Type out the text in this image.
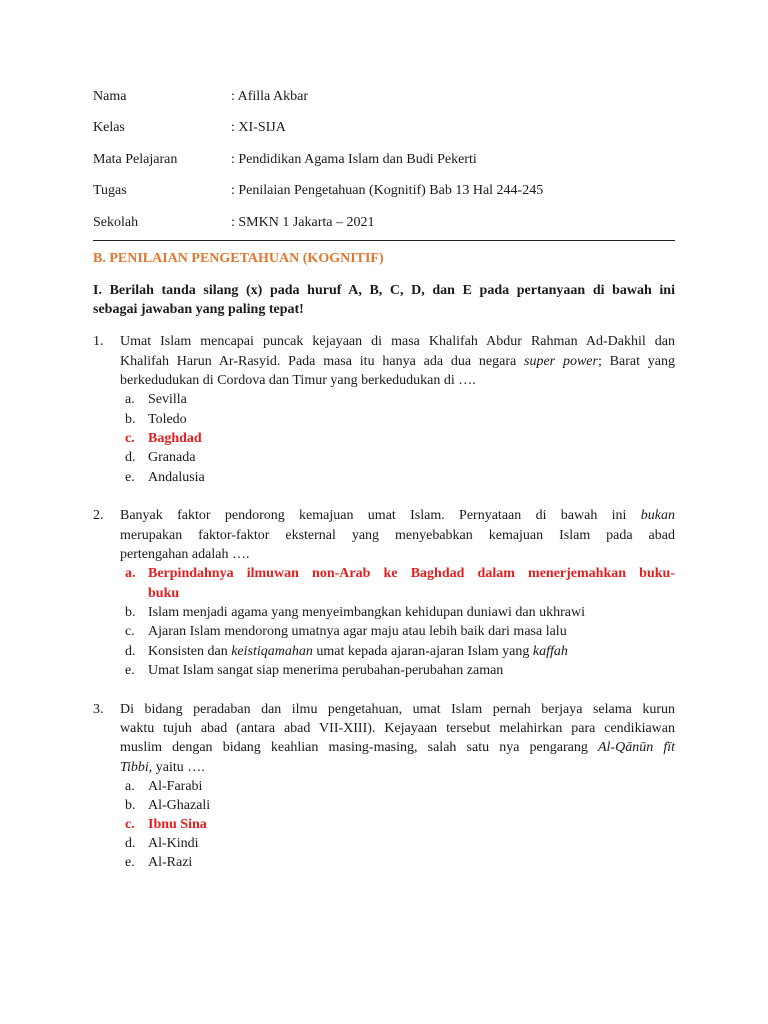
Nama	: Afilla Akbar
Kelas	: XI-SIJA
Mata Pelajaran	: Pendidikan Agama Islam dan Budi Pekerti
Tugas	: Penilaian Pengetahuan (Kognitif) Bab 13 Hal 244-245
Sekolah	: SMKN 1 Jakarta – 2021
B. PENILAIAN PENGETAHUAN (KOGNITIF)
I. Berilah tanda silang (x) pada huruf A, B, C, D, dan E pada pertanyaan di bawah ini
sebagai jawaban yang paling tepat!
1. Umat Islam mencapai puncak kejayaan di masa Khalifah Abdur Rahman Ad-Dakhil dan
Khalifah Harun Ar-Rasyid. Pada masa itu hanya ada dua negara super power; Barat yang
berkedudukan di Cordova dan Timur yang berkedudukan di ….
a. Sevilla
b. Toledo
c. Baghdad
d. Granada
e. Andalusia
2. Banyak faktor pendorong kemajuan umat Islam. Pernyataan di bawah ini bukan
merupakan faktor-faktor eksternal yang menyebabkan kemajuan Islam pada abad
pertengahan adalah ….
a. Berpindahnya ilmuwan non-Arab ke Baghdad dalam menerjemahkan buku-
buku
b. Islam menjadi agama yang menyeimbangkan kehidupan duniawi dan ukhrawi
c. Ajaran Islam mendorong umatnya agar maju atau lebih baik dari masa lalu
d. Konsisten dan keistiqamahan umat kepada ajaran-ajaran Islam yang kaffah
e. Umat Islam sangat siap menerima perubahan-perubahan zaman
3. Di bidang peradaban dan ilmu pengetahuan, umat Islam pernah berjaya selama kurun
waktu tujuh abad (antara abad VII-XIII). Kejayaan tersebut melahirkan para cendikiawan
muslim dengan bidang keahlian masing-masing, salah satu nya pengarang Al-Qānūn fīt
Tibbi, yaitu ….
a. Al-Farabi
b. Al-Ghazali
c. Ibnu Sina
d. Al-Kindi
e. Al-Razi
